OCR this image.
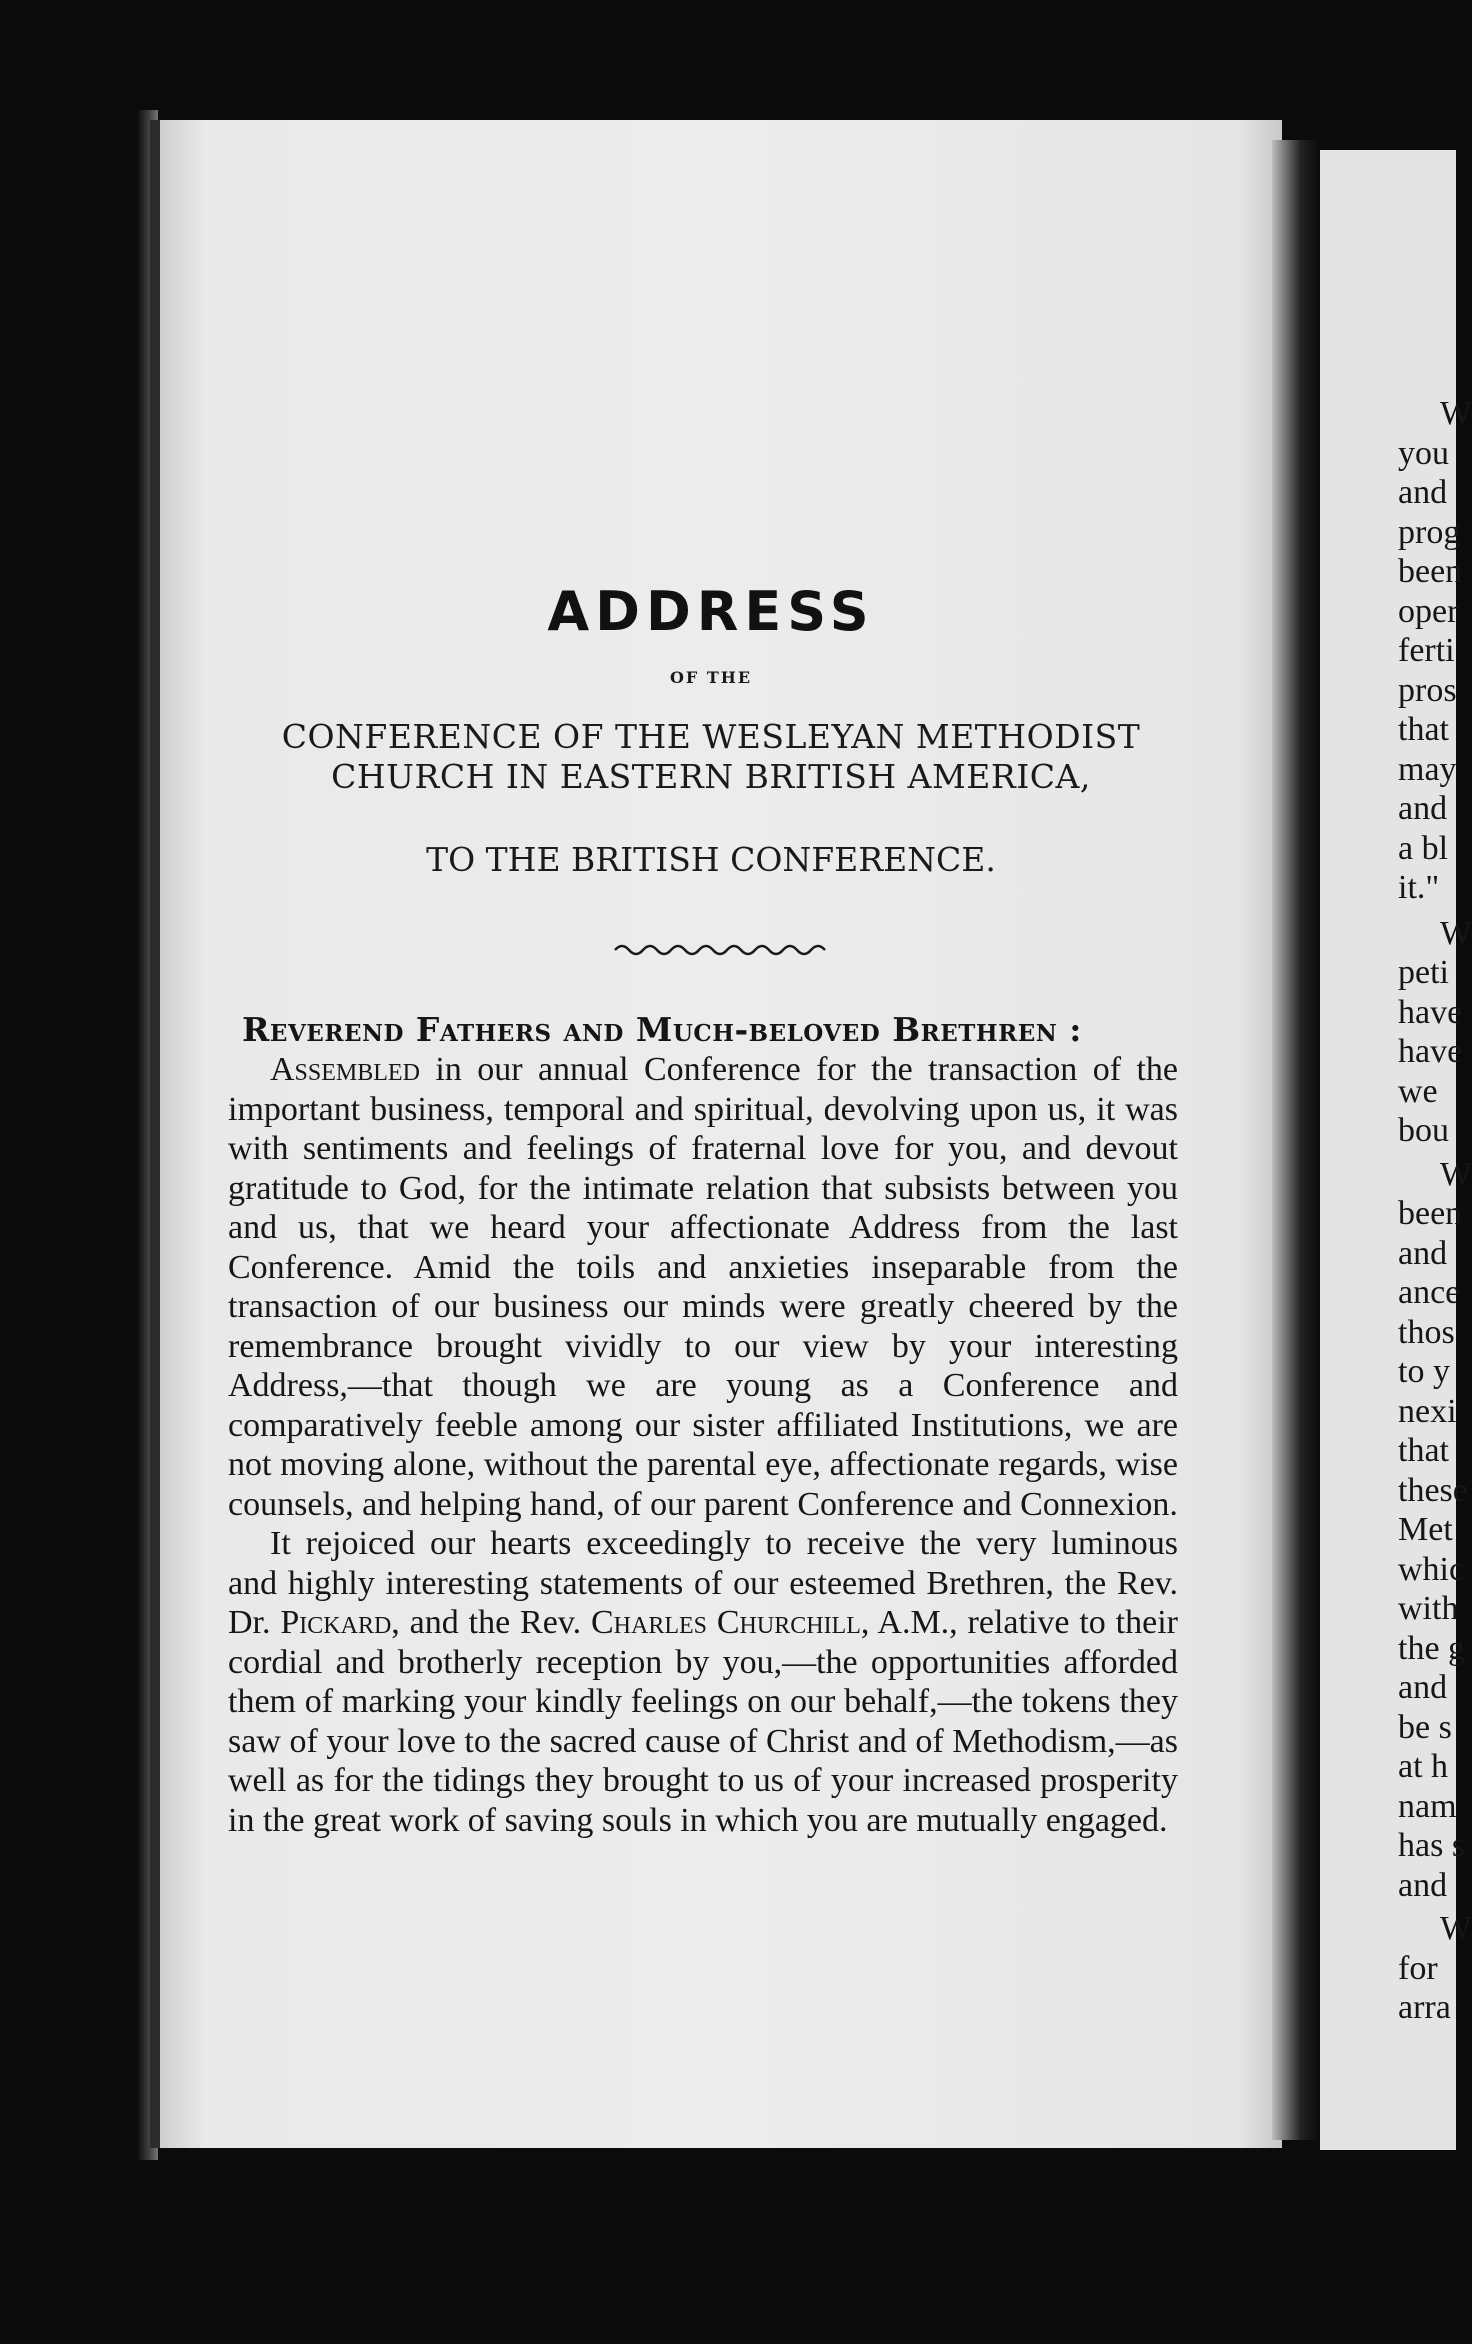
ADDRESS
OF THE
CONFERENCE OF THE WESLEYAN METHODIST
CHURCH IN EASTERN BRITISH AMERICA,
TO THE BRITISH CONFERENCE.
Reverend Fathers and Much-beloved Brethren :

Assembled in our annual Conference for the transaction of the important business, temporal and spiritual, devolving upon us, it was with sentiments and feelings of fraternal love for you, and devout gratitude to God, for the intimate relation that subsists between you and us, that we heard your affectionate Address from the last Conference. Amid the toils and anxieties inseparable from the transaction of our business our minds were greatly cheered by the remembrance brought vividly to our view by your interesting Address,—that though we are young as a Conference and comparatively feeble among our sister affiliated Institutions, we are not moving alone, without the parental eye, affectionate regards, wise counsels, and helping hand, of our parent Conference and Connexion.

It rejoiced our hearts exceedingly to receive the very luminous and highly interesting statements of our esteemed Brethren, the Rev. Dr. Pickard, and the Rev. Charles Churchill, A.M., relative to their cordial and brotherly reception by you,—the opportunities afforded them of marking your kindly feelings on our behalf,—the tokens they saw of your love to the sacred cause of Christ and of Methodism,—as well as for the tidings they brought to us of your increased prosperity in the great work of saving souls in which you are mutually engaged.

W
you
and
prog
been
oper
ferti
pros
that
may
and
a bl
it."
W
peti
have
have
we
bou
W
been
and
ance
thos
to y
nexi
that
these
Met
whic
with
the g
and
be s
at h
nam
has s
and
W
for
arra
